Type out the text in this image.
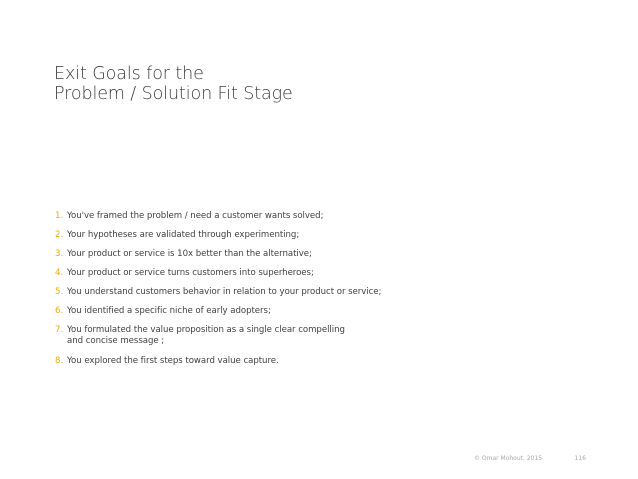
Exit Goals for the
Problem / Solution Fit Stage
1. You've framed the problem / need a customer wants solved;
2. Your hypotheses are validated through experimenting;
3. Your product or service is 10x better than the alternative;
4. Your product or service turns customers into superheroes;
5. You understand customers behavior in relation to your product or service;
6. You identified a specific niche of early adopters;
7. You formulated the value proposition as a single clear compelling
and concise message ;
8. You explored the first steps toward value capture.
© Omar Mohout, 2015	116
